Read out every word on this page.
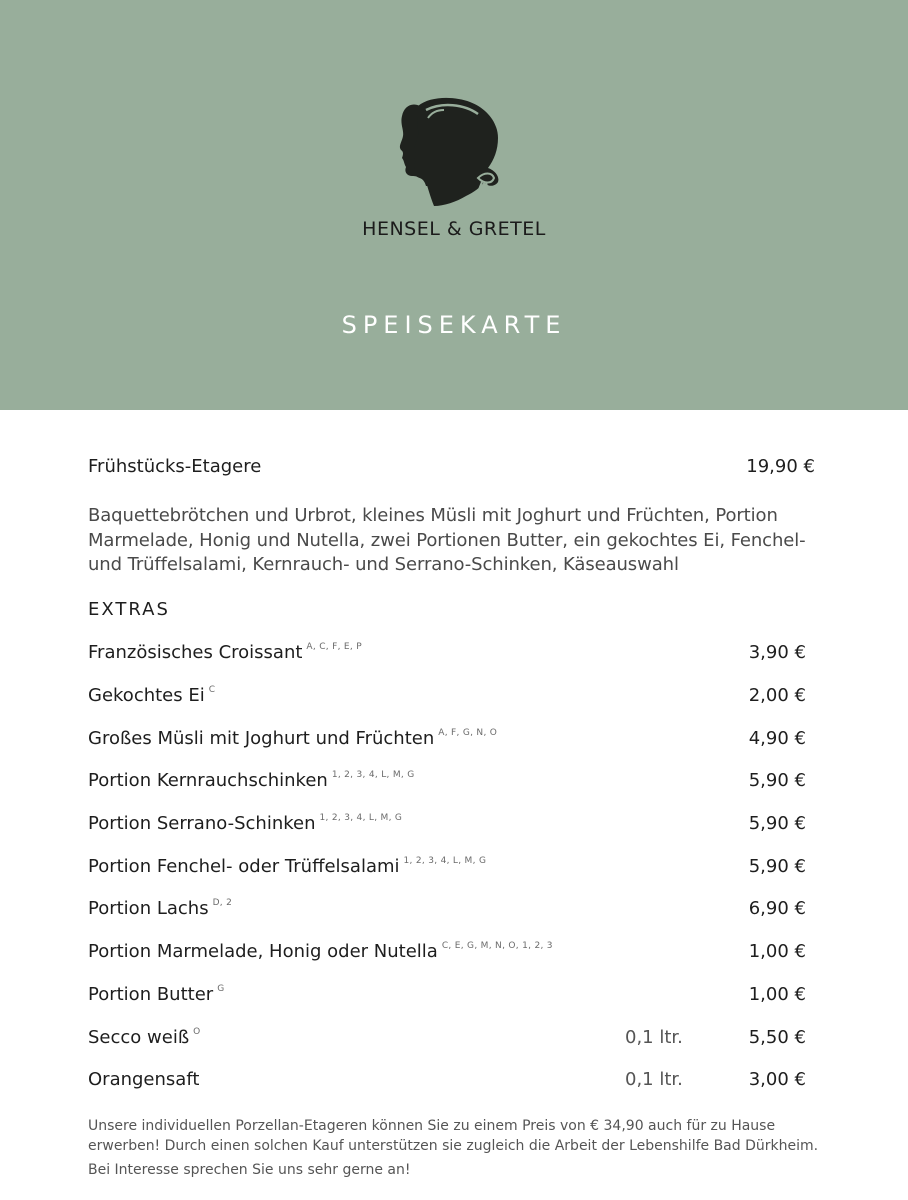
HENSEL & GRETEL
SPEISEKARTE
Frühstücks-Etagere	19,90 €
Baquettebrötchen und Urbrot, kleines Müsli mit Joghurt und Früchten, Portion Marmelade, Honig und Nutella, zwei Portionen Butter, ein gekochtes Ei, Fenchel- und Trüffelsalami, Kernrauch- und Serrano-Schinken, Käseauswahl
EXTRAS
Französisches Croissant $^{A, C, F, E, P}$	3,90 €
Gekochtes Ei $^C$	2,00 €
Großes Müsli mit Joghurt und Früchten $^{A, F, G, N, O}$	4,90 €
Portion Kernrauchschinken $^{1, 2, 3, 4, L, M, G}$	5,90 €
Portion Serrano-Schinken $^{1, 2, 3, 4, L, M, G}$	5,90 €
Portion Fenchel- oder Trüffelsalami $^{1, 2, 3, 4, L, M, G}$	5,90 €
Portion Lachs $^{D, 2}$	6,90 €
Portion Marmelade, Honig oder Nutella $^{C, E, G, M, N, O, 1, 2, 3}$	1,00 €
Portion Butter $^G$	1,00 €
Secco weiß $^O$	0,1 ltr.	5,50 €
Orangensaft	0,1 ltr.	3,00 €

Unsere individuellen Porzellan-Etageren können Sie zu einem Preis von € 34,90 auch für zu Hause erwerben! Durch einen solchen Kauf unterstützen sie zugleich die Arbeit der Lebenshilfe Bad Dürkheim.

Bei Interesse sprechen Sie uns sehr gerne an!
